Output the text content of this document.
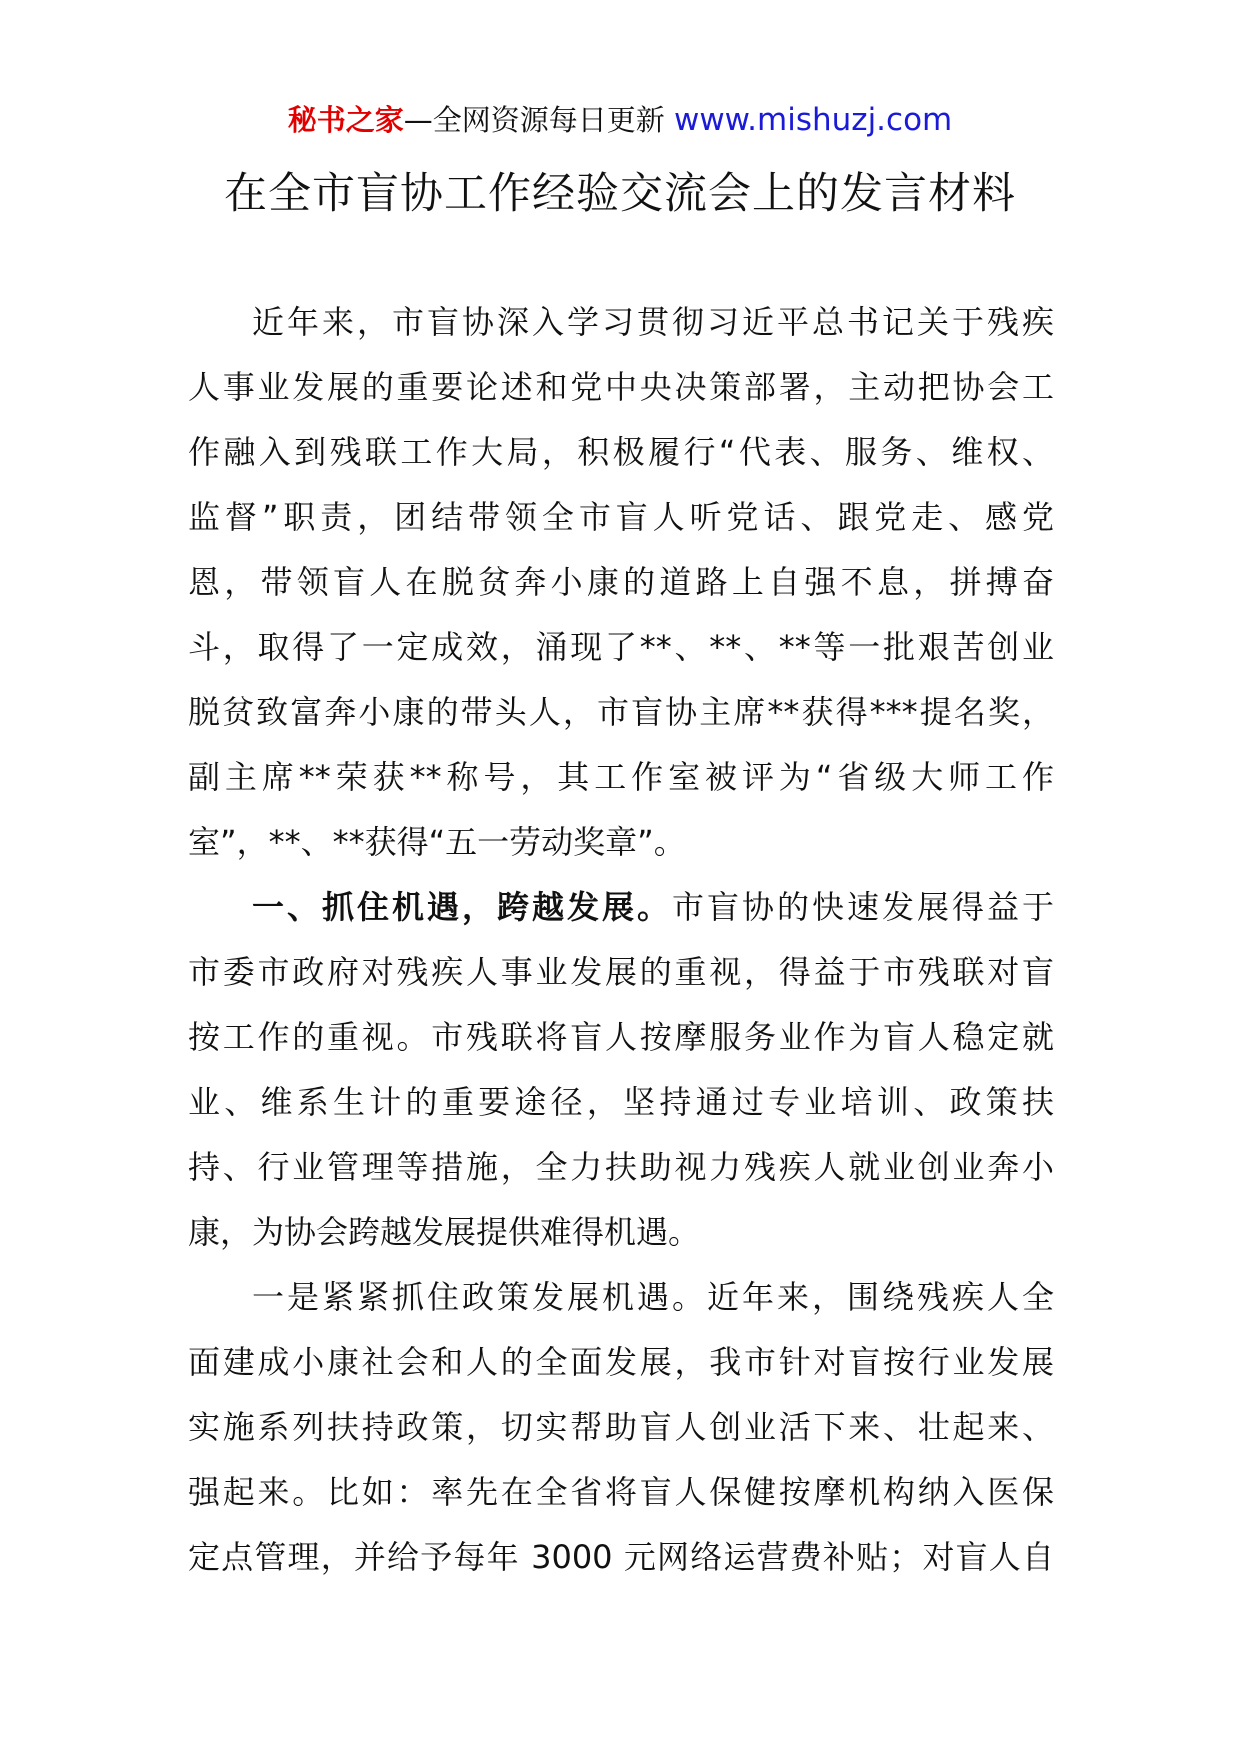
秘书之家—全网资源每日更新 www.mishuzj.com
在全市盲协工作经验交流会上的发言材料
近年来，市盲协深入学习贯彻习近平总书记关于残疾
人事业发展的重要论述和党中央决策部署，主动把协会工
作融入到残联工作大局，积极履行“代表、服务、维权、
监督”职责，团结带领全市盲人听党话、跟党走、感党
恩，带领盲人在脱贫奔小康的道路上自强不息，拼搏奋
斗，取得了一定成效，涌现了**、**、**等一批艰苦创业
脱贫致富奔小康的带头人，市盲协主席**获得***提名奖，
副主席**荣获**称号，其工作室被评为“省级大师工作
室”，**、**获得“五一劳动奖章”。
一、抓住机遇，跨越发展。市盲协的快速发展得益于
市委市政府对残疾人事业发展的重视，得益于市残联对盲
按工作的重视。市残联将盲人按摩服务业作为盲人稳定就
业、维系生计的重要途径，坚持通过专业培训、政策扶
持、行业管理等措施，全力扶助视力残疾人就业创业奔小
康，为协会跨越发展提供难得机遇。
一是紧紧抓住政策发展机遇。近年来，围绕残疾人全
面建成小康社会和人的全面发展，我市针对盲按行业发展
实施系列扶持政策，切实帮助盲人创业活下来、壮起来、
强起来。比如：率先在全省将盲人保健按摩机构纳入医保
定点管理，并给予每年 3000 元网络运营费补贴；对盲人自
